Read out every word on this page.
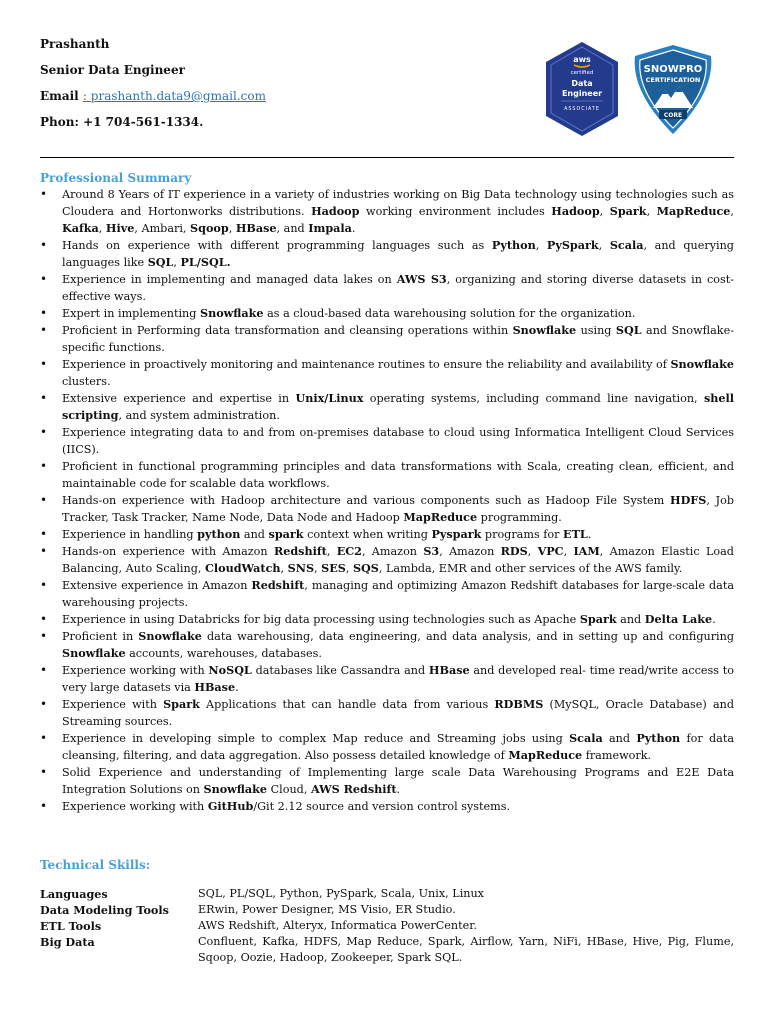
Prashanth
Senior Data Engineer
Email : prashanth.data9@gmail.com
Phon: +1 704-561-1334.
aws
certified
Data
Engineer
ASSOCIATE
SNOWPRO
CERTIFICATION
CORE
Professional Summary
• Around 8 Years of IT experience in a variety of industries working on Big Data technology using technologies such as Cloudera and Hortonworks distributions. Hadoop working environment includes Hadoop, Spark, MapReduce, Kafka, Hive, Ambari, Sqoop, HBase, and Impala.
• Hands on experience with different programming languages such as Python, PySpark, Scala, and querying languages like SQL, PL/SQL.
• Experience in implementing and managed data lakes on AWS S3, organizing and storing diverse datasets in cost-effective ways.
• Expert in implementing Snowflake as a cloud-based data warehousing solution for the organization.
• Proficient in Performing data transformation and cleansing operations within Snowflake using SQL and Snowflake-specific functions.
• Experience in proactively monitoring and maintenance routines to ensure the reliability and availability of Snowflake clusters.
• Extensive experience and expertise in Unix/Linux operating systems, including command line navigation, shell scripting, and system administration.
• Experience integrating data to and from on-premises database to cloud using Informatica Intelligent Cloud Services (IICS).
• Proficient in functional programming principles and data transformations with Scala, creating clean, efficient, and maintainable code for scalable data workflows.
• Hands-on experience with Hadoop architecture and various components such as Hadoop File System HDFS, Job Tracker, Task Tracker, Name Node, Data Node and Hadoop MapReduce programming.
• Experience in handling python and spark context when writing Pyspark programs for ETL.
• Hands-on experience with Amazon Redshift, EC2, Amazon S3, Amazon RDS, VPC, IAM, Amazon Elastic Load Balancing, Auto Scaling, CloudWatch, SNS, SES, SQS, Lambda, EMR and other services of the AWS family.
• Extensive experience in Amazon Redshift, managing and optimizing Amazon Redshift databases for large-scale data warehousing projects.
• Experience in using Databricks for big data processing using technologies such as Apache Spark and Delta Lake.
• Proficient in Snowflake data warehousing, data engineering, and data analysis, and in setting up and configuring Snowflake accounts, warehouses, databases.
• Experience working with NoSQL databases like Cassandra and HBase and developed real- time read/write access to very large datasets via HBase.
• Experience with Spark Applications that can handle data from various RDBMS (MySQL, Oracle Database) and Streaming sources.
• Experience in developing simple to complex Map reduce and Streaming jobs using Scala and Python for data cleansing, filtering, and data aggregation. Also possess detailed knowledge of MapReduce framework.
• Solid Experience and understanding of Implementing large scale Data Warehousing Programs and E2E Data Integration Solutions on Snowflake Cloud, AWS Redshift.
• Experience working with GitHub/Git 2.12 source and version control systems.
Technical Skills:
Languages	SQL, PL/SQL, Python, PySpark, Scala, Unix, Linux
Data Modeling Tools	ERwin, Power Designer, MS Visio, ER Studio.
ETL Tools	AWS Redshift, Alteryx, Informatica PowerCenter.
Big Data	Confluent, Kafka, HDFS, Map Reduce, Spark, Airflow, Yarn, NiFi, HBase, Hive, Pig, Flume, Sqoop, Oozie, Hadoop, Zookeeper, Spark SQL.
